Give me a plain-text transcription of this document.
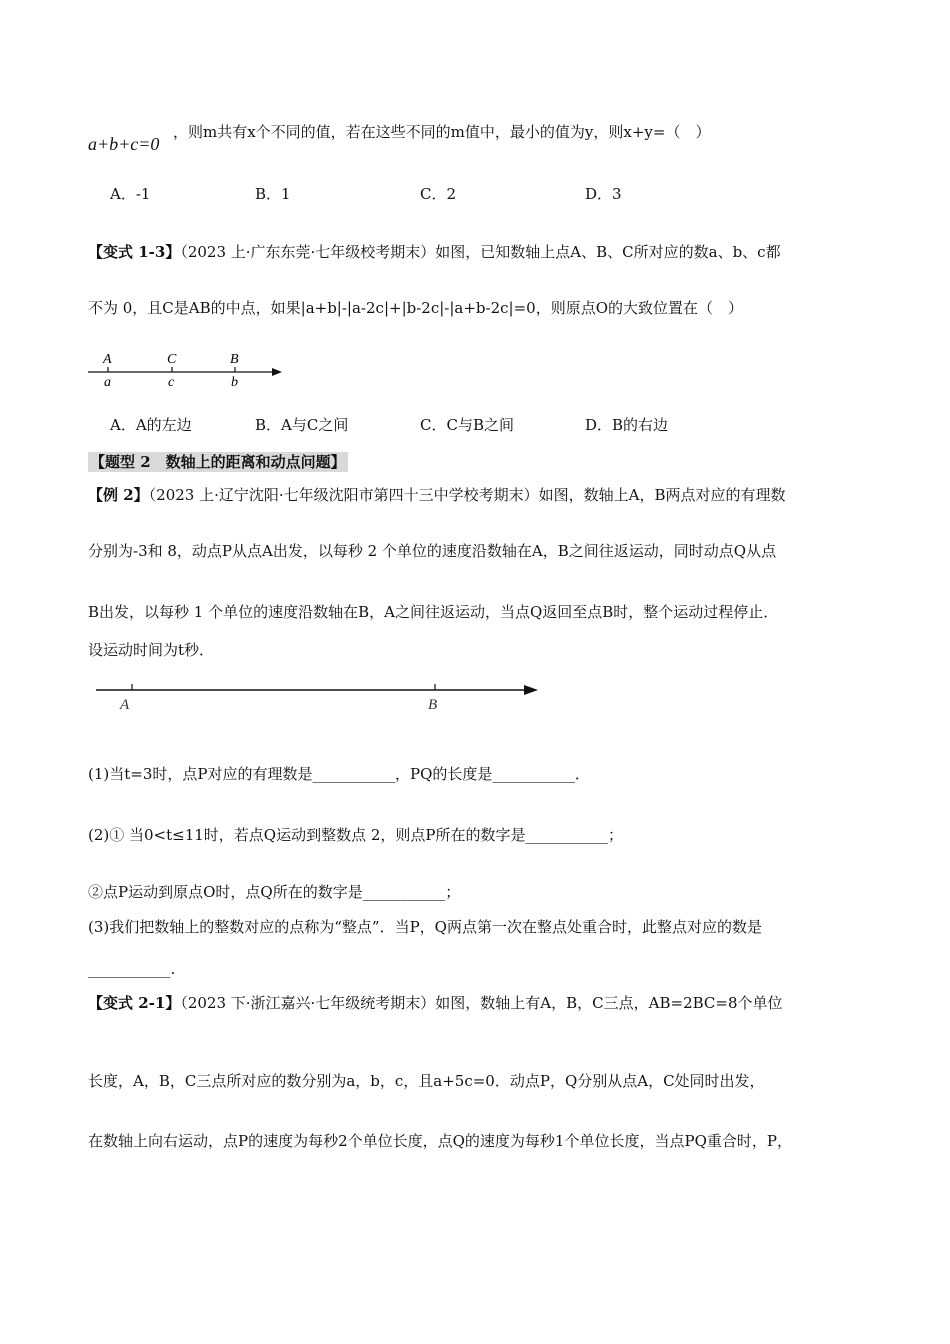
a+b+c=0
，则m共有x个不同的值，若在这些不同的m值中，最小的值为y，则x+y=（　）
A．-1	B．1	C．2	D．3
【变式 1-3】（2023 上·广东东莞·七年级校考期末）如图，已知数轴上点A、B、C所对应的数a、b、c都
不为 0，且C是AB的中点，如果|a+b|-|a-2c|+|b-2c|-|a+b-2c|=0，则原点O的大致位置在（　）
A	C	B
a	c	b
A．A的左边	B．A与C之间	C．C与B之间	D．B的右边
【题型 2　数轴上的距离和动点问题】
【例 2】（2023 上·辽宁沈阳·七年级沈阳市第四十三中学校考期末）如图，数轴上A，B两点对应的有理数
分别为-3和 8，动点P从点A出发，以每秒 2 个单位的速度沿数轴在A，B之间往返运动，同时动点Q从点
B出发，以每秒 1 个单位的速度沿数轴在B，A之间往返运动，当点Q返回至点B时，整个运动过程停止．
设运动时间为t秒．
A	B
(1)当t=3时，点P对应的有理数是___________，PQ的长度是___________．
(2)① 当0<t≤11时，若点Q运动到整数点 2，则点P所在的数字是___________；
②点P运动到原点O时，点Q所在的数字是___________；
(3)我们把数轴上的整数对应的点称为“整点”．当P，Q两点第一次在整点处重合时，此整点对应的数是
___________.
【变式 2-1】（2023 下·浙江嘉兴·七年级统考期末）如图，数轴上有A，B，C三点，AB=2BC=8个单位
长度，A，B，C三点所对应的数分别为a，b，c，且a+5c=0．动点P，Q分别从点A，C处同时出发，
在数轴上向右运动，点P的速度为每秒2个单位长度，点Q的速度为每秒1个单位长度，当点PQ重合时，P，
